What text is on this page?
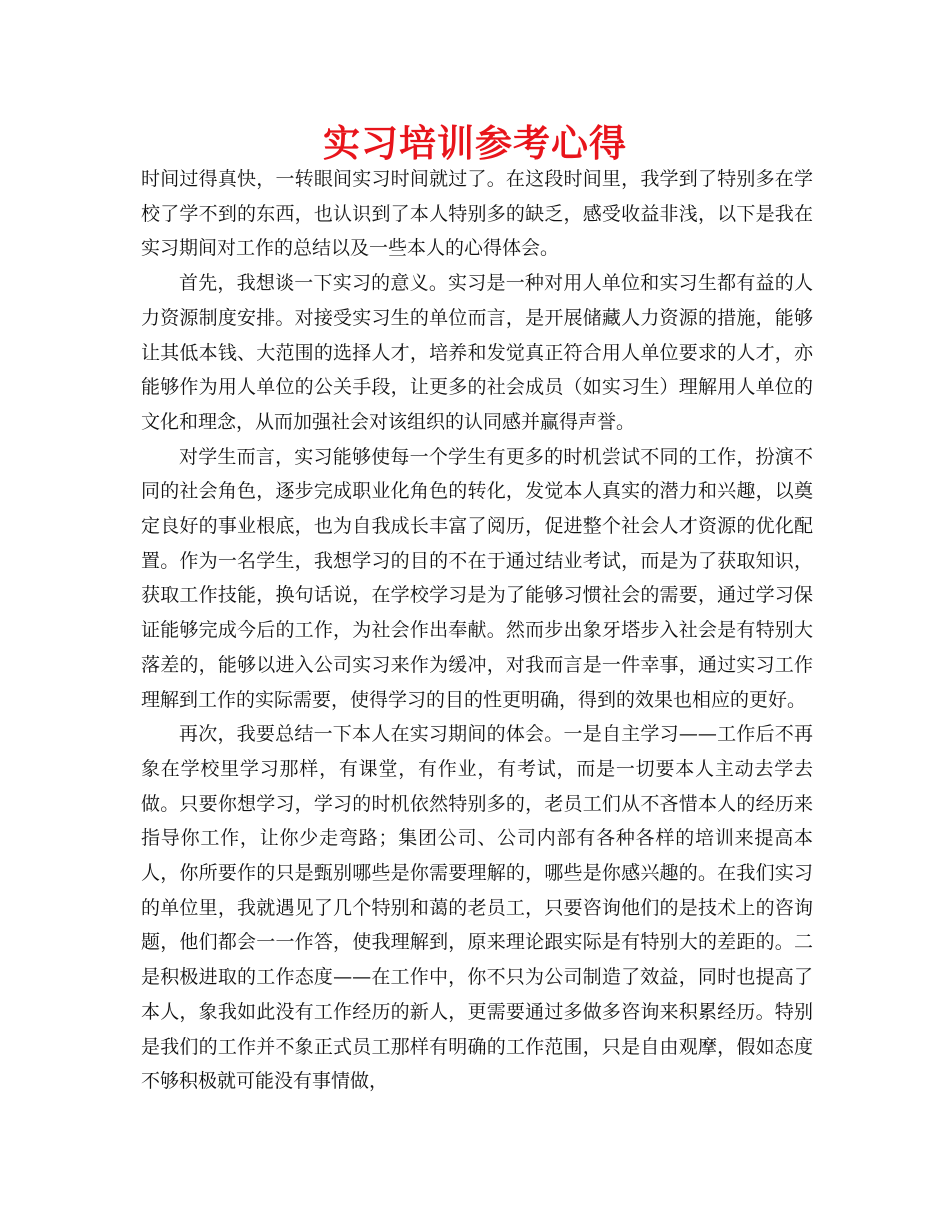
实习培训参考心得

时间过得真快，一转眼间实习时间就过了。在这段时间里，我学到了特别多在学校了学不到的东西，也认识到了本人特别多的缺乏，感受收益非浅，以下是我在实习期间对工作的总结以及一些本人的心得体会。

首先，我想谈一下实习的意义。实习是一种对用人单位和实习生都有益的人力资源制度安排。对接受实习生的单位而言，是开展储藏人力资源的措施，能够让其低本钱、大范围的选择人才，培养和发觉真正符合用人单位要求的人才，亦能够作为用人单位的公关手段，让更多的社会成员（如实习生）理解用人单位的文化和理念，从而加强社会对该组织的认同感并赢得声誉。

对学生而言，实习能够使每一个学生有更多的时机尝试不同的工作，扮演不同的社会角色，逐步完成职业化角色的转化，发觉本人真实的潜力和兴趣，以奠定良好的事业根底，也为自我成长丰富了阅历，促进整个社会人才资源的优化配置。作为一名学生，我想学习的目的不在于通过结业考试，而是为了获取知识，获取工作技能，换句话说，在学校学习是为了能够习惯社会的需要，通过学习保证能够完成今后的工作，为社会作出奉献。然而步出象牙塔步入社会是有特别大落差的，能够以进入公司实习来作为缓冲，对我而言是一件幸事，通过实习工作理解到工作的实际需要，使得学习的目的性更明确，得到的效果也相应的更好。

再次，我要总结一下本人在实习期间的体会。一是自主学习——工作后不再象在学校里学习那样，有课堂，有作业，有考试，而是一切要本人主动去学去做。只要你想学习，学习的时机依然特别多的，老员工们从不吝惜本人的经历来指导你工作，让你少走弯路；集团公司、公司内部有各种各样的培训来提高本人，你所要作的只是甄别哪些是你需要理解的，哪些是你感兴趣的。在我们实习的单位里，我就遇见了几个特别和蔼的老员工，只要咨询他们的是技术上的咨询题，他们都会一一作答，使我理解到，原来理论跟实际是有特别大的差距的。二是积极进取的工作态度——在工作中，你不只为公司制造了效益，同时也提高了本人，象我如此没有工作经历的新人，更需要通过多做多咨询来积累经历。特别是我们的工作并不象正式员工那样有明确的工作范围，只是自由观摩，假如态度不够积极就可能没有事情做，
